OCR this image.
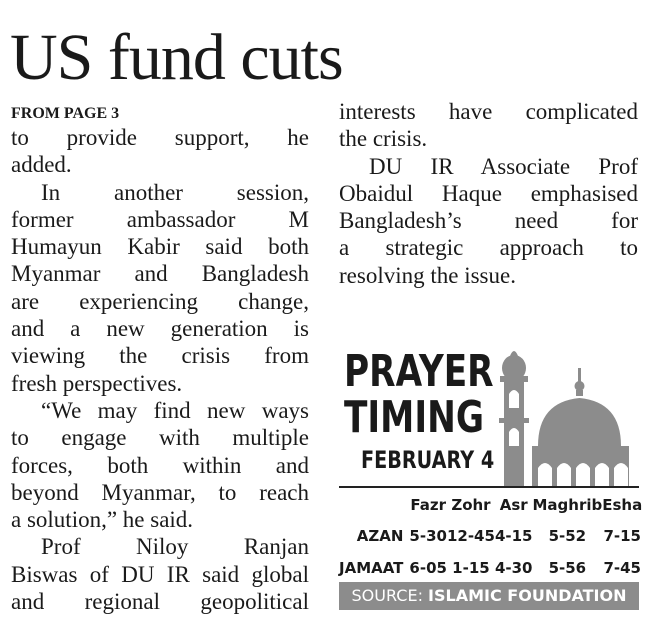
US fund cuts
FROM PAGE 3

to provide support, he
added.

In another session,
former ambassador M
Humayun Kabir said both
Myanmar and Bangladesh
are experiencing change,
and a new generation is
viewing the crisis from
fresh perspectives.

“We may find new ways
to engage with multiple
forces, both within and
beyond Myanmar, to reach
a solution,” he said.

Prof Niloy Ranjan
Biswas of DU IR said global
and regional geopolitical

interests have complicated
the crisis.

DU IR Associate Prof
Obaidul Haque emphasised
Bangladesh’s need for
a strategic approach to
resolving the issue.

PRAYER
TIMING
FEBRUARY 4
	Fazr	Zohr	Asr	Maghrib	Esha
AZAN	5-30	12-45	4-15	5-52	7-15
JAMAAT	6-05	1-15	4-30	5-56	7-45
SOURCE: ISLAMIC FOUNDATION
